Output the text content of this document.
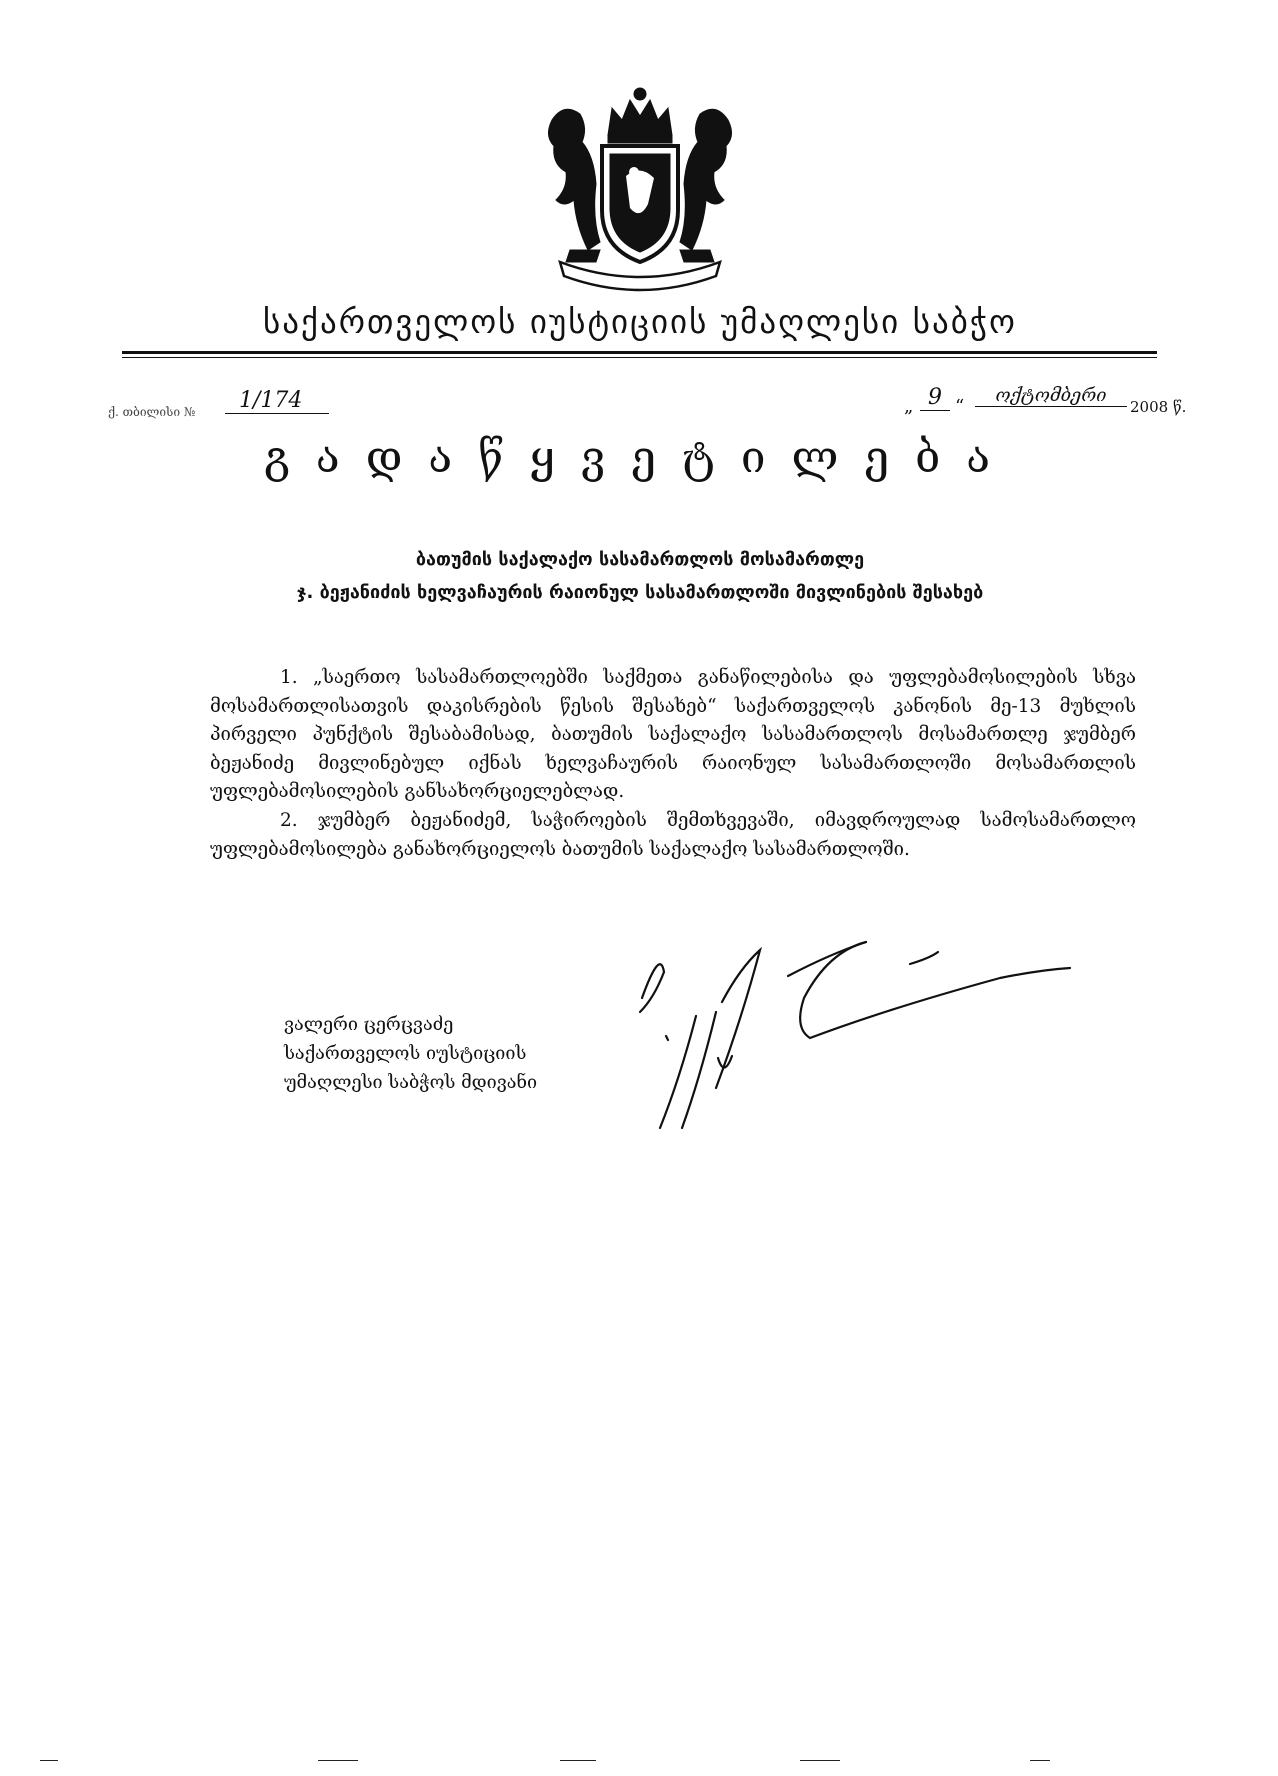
საქართველოს იუსტიციის უმაღლესი საბჭო
ქ. თბილისი №	1/174	„ 9 “
ოქტომბერი
2008 წ.
გადაწყვეტილება
ბათუმის საქალაქო სასამართლოს მოსამართლე
ჯ. ბეჟანიძის ხელვაჩაურის რაიონულ სასამართლოში მივლინების შესახებ

1. „საერთო სასამართლოებში საქმეთა განაწილებისა და უფლებამოსილების სხვა მოსამართლისათვის დაკისრების წესის შესახებ“ საქართველოს კანონის მე-13 მუხლის პირველი პუნქტის შესაბამისად, ბათუმის საქალაქო სასამართლოს მოსამართლე ჯუმბერ ბეჟანიძე მივლინებულ იქნას ხელვაჩაურის რაიონულ სასამართლოში მოსამართლის უფლებამოსილების განსახორციელებლად.

2. ჯუმბერ ბეჟანიძემ, საჭიროების შემთხვევაში, იმავდროულად სამოსამართლო უფლებამოსილება განახორციელოს ბათუმის საქალაქო სასამართლოში.

ვალერი ცერცვაძე
საქართველოს იუსტიციის
უმაღლესი საბჭოს მდივანი
